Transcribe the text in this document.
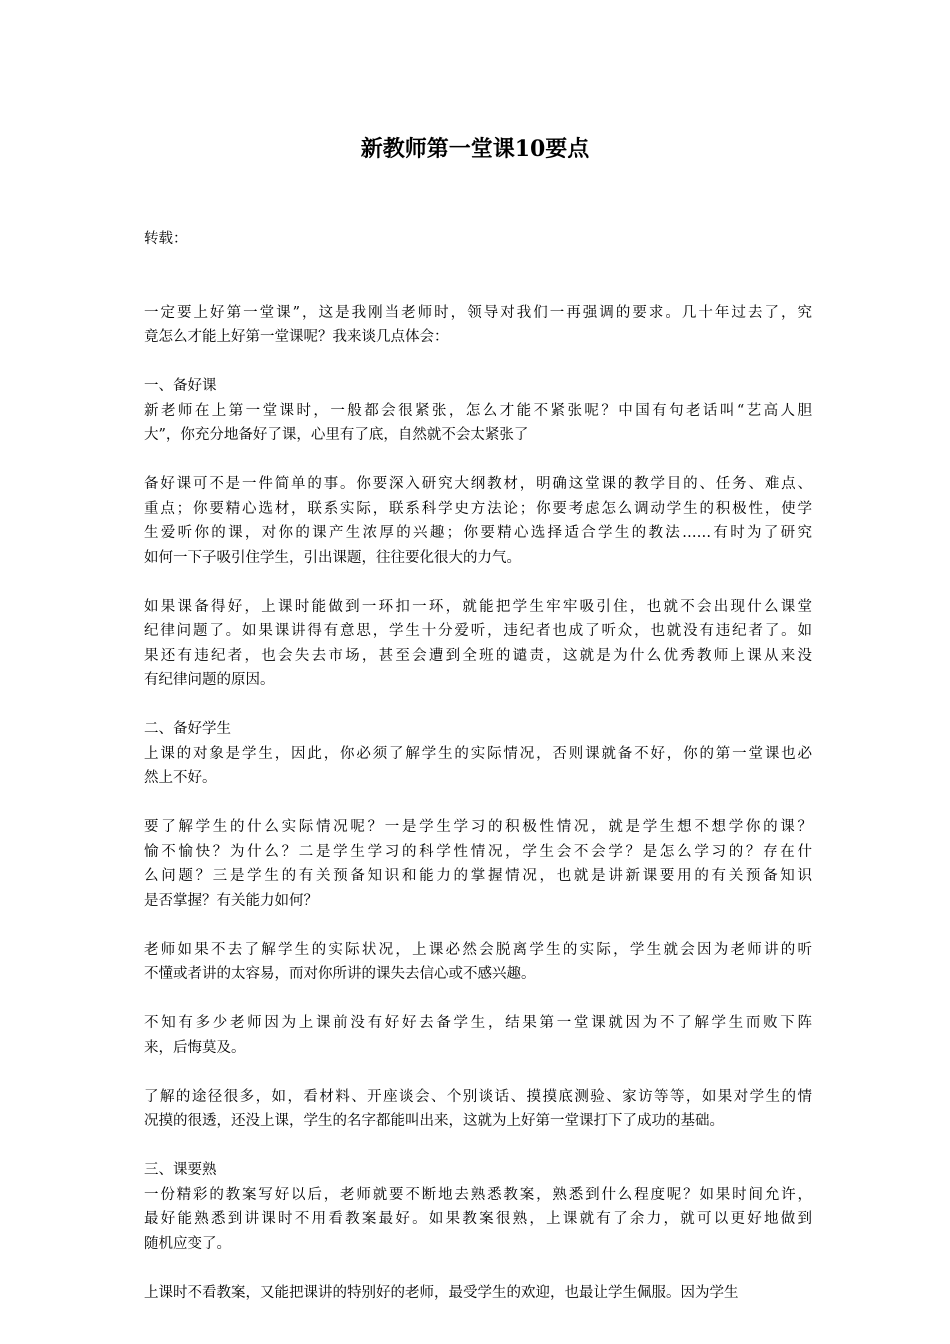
新教师第一堂课10要点

转载：

一定要上好第一堂课”，这是我刚当老师时，领导对我们一再强调的要求。几十年过去了，究
竟怎么才能上好第一堂课呢？我来谈几点体会：
一、备好课
新老师在上第一堂课时，一般都会很紧张，怎么才能不紧张呢？中国有句老话叫“艺高人胆
大”，你充分地备好了课，心里有了底，自然就不会太紧张了
备好课可不是一件简单的事。你要深入研究大纲教材，明确这堂课的教学目的、任务、难点、
重点；你要精心选材，联系实际，联系科学史方法论；你要考虑怎么调动学生的积极性，使学
生爱听你的课，对你的课产生浓厚的兴趣；你要精心选择适合学生的教法……有时为了研究
如何一下子吸引住学生，引出课题，往往要化很大的力气。
如果课备得好，上课时能做到一环扣一环，就能把学生牢牢吸引住，也就不会出现什么课堂
纪律问题了。如果课讲得有意思，学生十分爱听，违纪者也成了听众，也就没有违纪者了。如
果还有违纪者，也会失去市场，甚至会遭到全班的谴责，这就是为什么优秀教师上课从来没
有纪律问题的原因。
二、备好学生
上课的对象是学生，因此，你必须了解学生的实际情况，否则课就备不好，你的第一堂课也必
然上不好。
要了解学生的什么实际情况呢？一是学生学习的积极性情况，就是学生想不想学你的课？
愉不愉快？为什么？二是学生学习的科学性情况，学生会不会学？是怎么学习的？存在什
么问题？三是学生的有关预备知识和能力的掌握情况，也就是讲新课要用的有关预备知识
是否掌握？有关能力如何？
老师如果不去了解学生的实际状况，上课必然会脱离学生的实际，学生就会因为老师讲的听
不懂或者讲的太容易，而对你所讲的课失去信心或不感兴趣。
不知有多少老师因为上课前没有好好去备学生，结果第一堂课就因为不了解学生而败下阵
来，后悔莫及。
了解的途径很多，如，看材料、开座谈会、个别谈话、摸摸底测验、家访等等，如果对学生的情
况摸的很透，还没上课，学生的名字都能叫出来，这就为上好第一堂课打下了成功的基础。
三、课要熟
一份精彩的教案写好以后，老师就要不断地去熟悉教案，熟悉到什么程度呢？如果时间允许，
最好能熟悉到讲课时不用看教案最好。如果教案很熟，上课就有了余力，就可以更好地做到
随机应变了。
上课时不看教案，又能把课讲的特别好的老师，最受学生的欢迎，也最让学生佩服。因为学生
